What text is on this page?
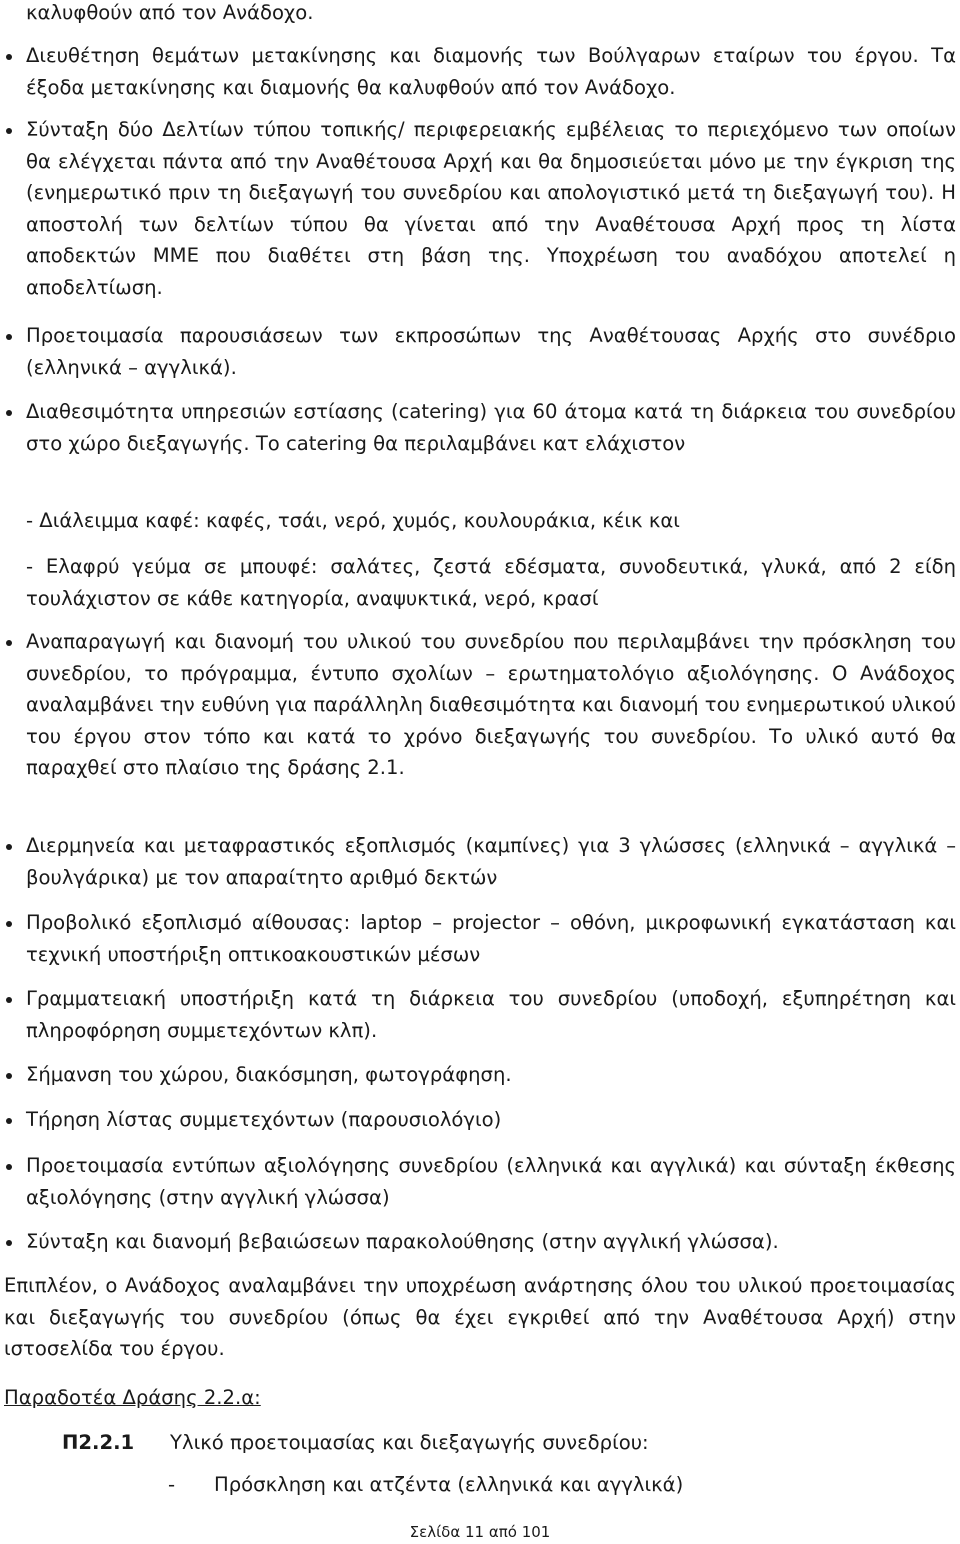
καλυφθούν από τον Ανάδοχο.

Διευθέτηση θεμάτων μετακίνησης και διαμονής των Βούλγαρων εταίρων του έργου. Τα έξοδα μετακίνησης και διαμονής θα καλυφθούν από τον Ανάδοχο.

Σύνταξη δύο Δελτίων τύπου τοπικής/ περιφερειακής εμβέλειας το περιεχόμενο των οποίων θα ελέγχεται πάντα από την Αναθέτουσα Αρχή και θα δημοσιεύεται μόνο με την έγκριση της (ενημερωτικό πριν τη διεξαγωγή του συνεδρίου και απολογιστικό μετά τη διεξαγωγή του). Η αποστολή των δελτίων τύπου θα γίνεται από την Αναθέτουσα Αρχή προς τη λίστα αποδεκτών ΜΜΕ που διαθέτει στη βάση της. Υποχρέωση του αναδόχου αποτελεί η αποδελτίωση.

Προετοιμασία παρουσιάσεων των εκπροσώπων της Αναθέτουσας Αρχής στο συνέδριο (ελληνικά – αγγλικά).

Διαθεσιμότητα υπηρεσιών εστίασης (catering) για 60 άτομα κατά τη διάρκεια του συνεδρίου στο χώρο διεξαγωγής. Το catering θα περιλαμβάνει κατ ελάχιστον

- Διάλειμμα καφέ: καφές, τσάι, νερό, χυμός, κουλουράκια, κέικ και

- Ελαφρύ γεύμα σε μπουφέ: σαλάτες, ζεστά εδέσματα, συνοδευτικά, γλυκά, από 2 είδη τουλάχιστον σε κάθε κατηγορία, αναψυκτικά, νερό, κρασί

Αναπαραγωγή και διανομή του υλικού του συνεδρίου που περιλαμβάνει την πρόσκληση του συνεδρίου, το πρόγραμμα, έντυπο σχολίων – ερωτηματολόγιο αξιολόγησης. Ο Ανάδοχος αναλαμβάνει την ευθύνη για παράλληλη διαθεσιμότητα και διανομή του ενημερωτικού υλικού του έργου στον τόπο και κατά το χρόνο διεξαγωγής του συνεδρίου. Το υλικό αυτό θα παραχθεί στο πλαίσιο της δράσης 2.1.

Διερμηνεία και μεταφραστικός εξοπλισμός (καμπίνες) για 3 γλώσσες (ελληνικά – αγγλικά – βουλγάρικα) με τον απαραίτητο αριθμό δεκτών

Προβολικό εξοπλισμό αίθουσας: laptop – projector – οθόνη, μικροφωνική εγκατάσταση και τεχνική υποστήριξη οπτικοακουστικών μέσων

Γραμματειακή υποστήριξη κατά τη διάρκεια του συνεδρίου (υποδοχή, εξυπηρέτηση και πληροφόρηση συμμετεχόντων κλπ).

Σήμανση του χώρου, διακόσμηση, φωτογράφηση.

Τήρηση λίστας συμμετεχόντων (παρουσιολόγιο)

Προετοιμασία εντύπων αξιολόγησης συνεδρίου (ελληνικά και αγγλικά) και σύνταξη έκθεσης αξιολόγησης (στην αγγλική γλώσσα)

Σύνταξη και διανομή βεβαιώσεων παρακολούθησης (στην αγγλική γλώσσα).

Επιπλέον, ο Ανάδοχος αναλαμβάνει την υποχρέωση ανάρτησης όλου του υλικού προετοιμασίας και διεξαγωγής του συνεδρίου (όπως θα έχει εγκριθεί από την Αναθέτουσα Αρχή) στην ιστοσελίδα του έργου.

Παραδοτέα Δράσης 2.2.α:

Π2.2.1 Υλικό προετοιμασίας και διεξαγωγής συνεδρίου:
- Πρόσκληση και ατζέντα (ελληνικά και αγγλικά)

Σελίδα 11 από 101
